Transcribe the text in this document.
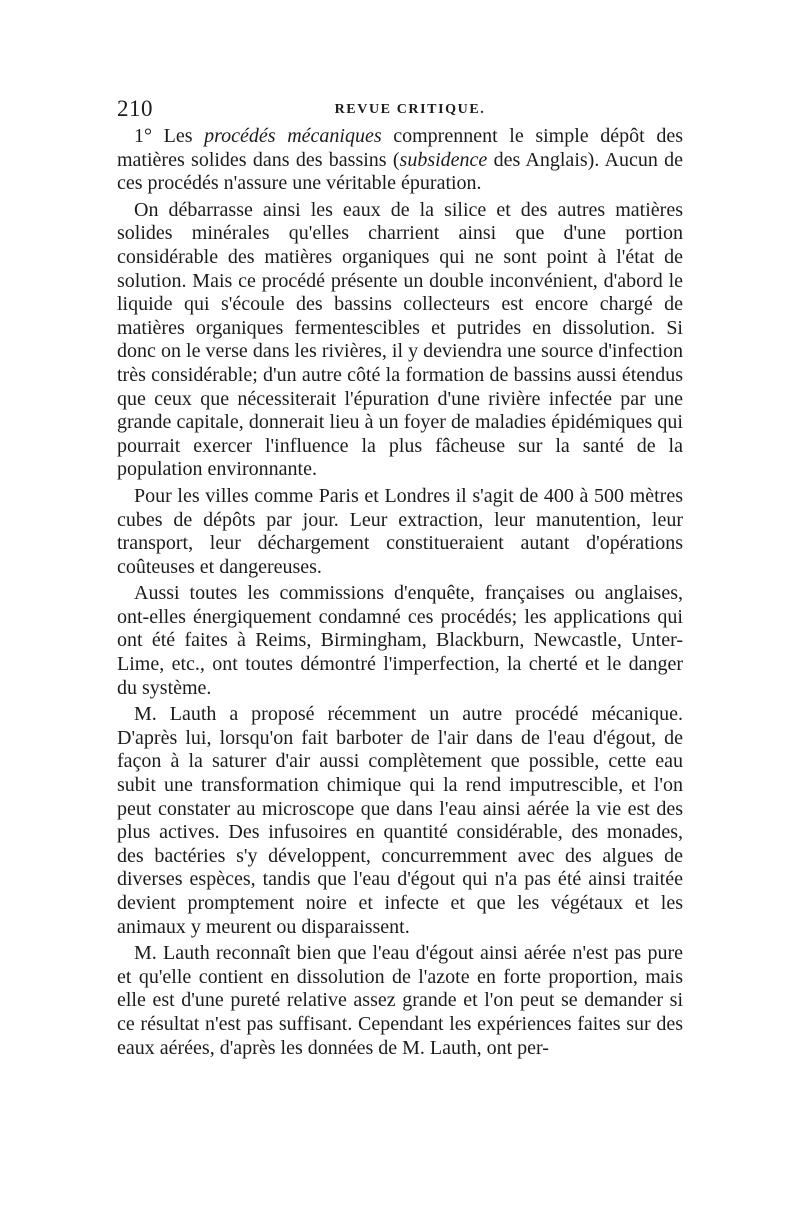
210	REVUE CRITIQUE.

1° Les procédés mécaniques comprennent le simple dépôt des matières solides dans des bassins (subsidence des Anglais). Aucun de ces procédés n'assure une véritable épuration.

On débarrasse ainsi les eaux de la silice et des autres matières solides minérales qu'elles charrient ainsi que d'une portion considérable des matières organiques qui ne sont point à l'état de solution. Mais ce procédé présente un double inconvénient, d'abord le liquide qui s'écoule des bassins collecteurs est encore chargé de matières organiques fermentescibles et putrides en dissolution. Si donc on le verse dans les rivières, il y deviendra une source d'infection très considérable; d'un autre côté la formation de bassins aussi étendus que ceux que nécessiterait l'épuration d'une rivière infectée par une grande capitale, donnerait lieu à un foyer de maladies épidémiques qui pourrait exercer l'influence la plus fâcheuse sur la santé de la population environnante.

Pour les villes comme Paris et Londres il s'agit de 400 à 500 mètres cubes de dépôts par jour. Leur extraction, leur manutention, leur transport, leur déchargement constitueraient autant d'opérations coûteuses et dangereuses.

Aussi toutes les commissions d'enquête, françaises ou anglaises, ont-elles énergiquement condamné ces procédés; les applications qui ont été faites à Reims, Birmingham, Blackburn, Newcastle, Unter-Lime, etc., ont toutes démontré l'imperfection, la cherté et le danger du système.

M. Lauth a proposé récemment un autre procédé mécanique. D'après lui, lorsqu'on fait barboter de l'air dans de l'eau d'égout, de façon à la saturer d'air aussi complètement que possible, cette eau subit une transformation chimique qui la rend imputrescible, et l'on peut constater au microscope que dans l'eau ainsi aérée la vie est des plus actives. Des infusoires en quantité considérable, des monades, des bactéries s'y développent, concurremment avec des algues de diverses espèces, tandis que l'eau d'égout qui n'a pas été ainsi traitée devient promptement noire et infecte et que les végétaux et les animaux y meurent ou disparaissent.

M. Lauth reconnaît bien que l'eau d'égout ainsi aérée n'est pas pure et qu'elle contient en dissolution de l'azote en forte proportion, mais elle est d'une pureté relative assez grande et l'on peut se demander si ce résultat n'est pas suffisant. Cependant les expériences faites sur des eaux aérées, d'après les données de M. Lauth, ont per-
